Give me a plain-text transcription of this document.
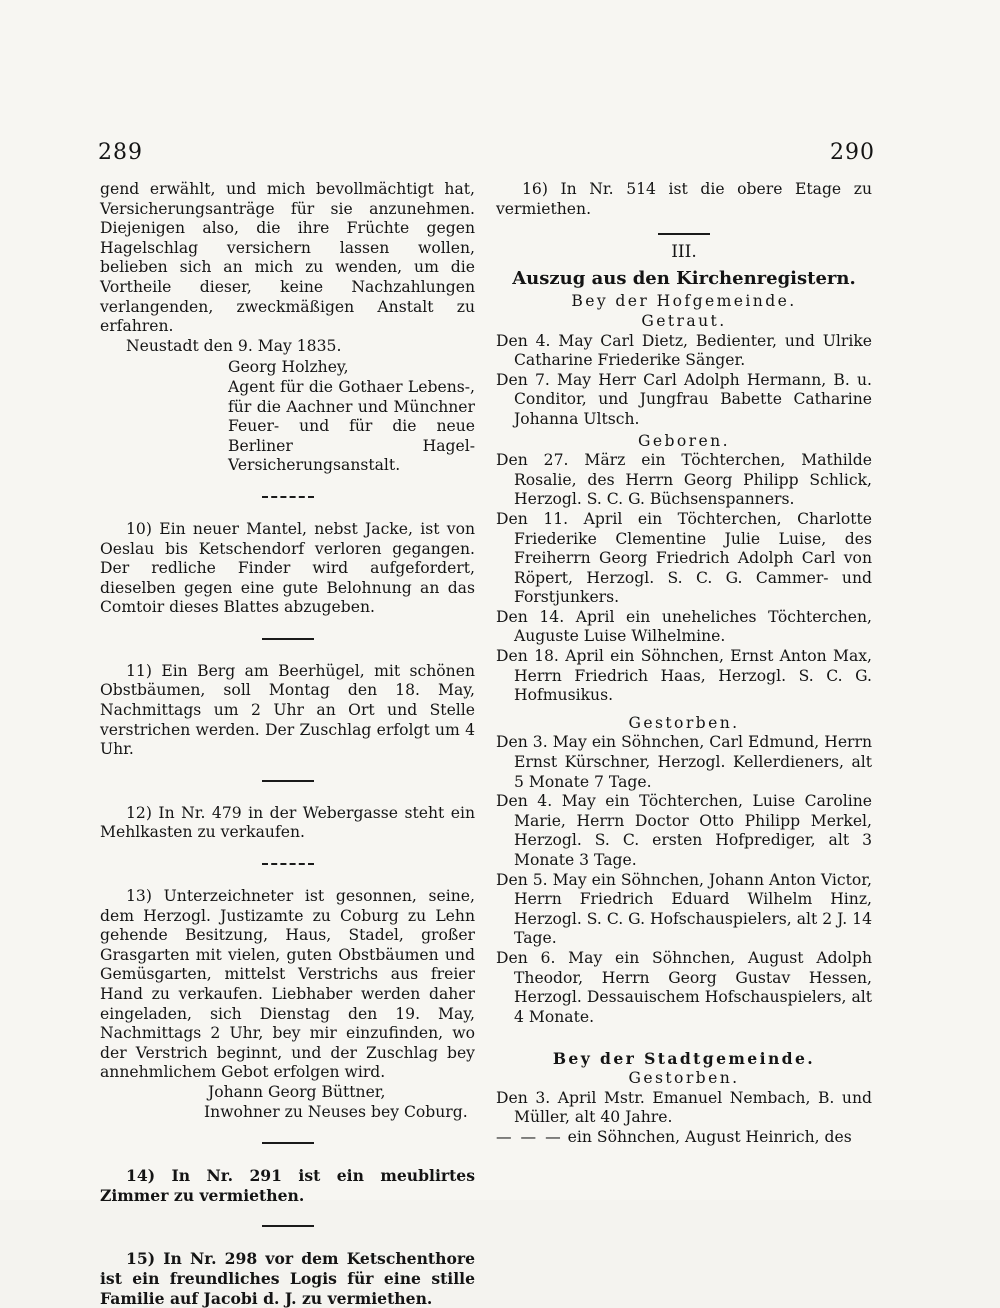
289	290

gend erwählt, und mich bevollmächtigt hat, Versicherungsanträge für sie anzunehmen. Diejenigen also, die ihre Früchte gegen Hagelschlag versichern lassen wollen, belieben sich an mich zu wenden, um die Vortheile dieser, keine Nachzahlungen verlangenden, zweckmäßigen Anstalt zu erfahren.

Neustadt den 9. May 1835.

Georg Holzhey,

Agent für die Gothaer Lebens-, für die Aachner und Münchner Feuer- und für die neue Berliner Hagel-Versicherungsanstalt.

10) Ein neuer Mantel, nebst Jacke, ist von Oeslau bis Ketschendorf verloren gegangen. Der redliche Finder wird aufgefordert, dieselben gegen eine gute Belohnung an das Comtoir dieses Blattes abzugeben.

11) Ein Berg am Beerhügel, mit schönen Obstbäumen, soll Montag den 18. May, Nachmittags um 2 Uhr an Ort und Stelle verstrichen werden. Der Zuschlag erfolgt um 4 Uhr.

12) In Nr. 479 in der Webergasse steht ein Mehlkasten zu verkaufen.

13) Unterzeichneter ist gesonnen, seine, dem Herzogl. Justizamte zu Coburg zu Lehn gehende Besitzung, Haus, Stadel, großer Grasgarten mit vielen, guten Obstbäumen und Gemüsgarten, mittelst Verstrichs aus freier Hand zu verkaufen. Liebhaber werden daher eingeladen, sich Dienstag den 19. May, Nachmittags 2 Uhr, bey mir einzufinden, wo der Verstrich beginnt, und der Zuschlag bey annehmlichem Gebot erfolgen wird.

Johann Georg Büttner,

Inwohner zu Neuses bey Coburg.

14) In Nr. 291 ist ein meublirtes Zimmer zu vermiethen.

15) In Nr. 298 vor dem Ketschenthore ist ein freundliches Logis für eine stille Familie auf Jacobi d. J. zu vermiethen.

16) In Nr. 514 ist die obere Etage zu vermiethen.

III.

Auszug aus den Kirchenregistern.

Bey der Hofgemeinde.

Getraut.

Den 4. May Carl Dietz, Bedienter, und Ulrike Catharine Friederike Sänger.

Den 7. May Herr Carl Adolph Hermann, B. u. Conditor, und Jungfrau Babette Catharine Johanna Ultsch.

Geboren.

Den 27. März ein Töchterchen, Mathilde Rosalie, des Herrn Georg Philipp Schlick, Herzogl. S. C. G. Büchsenspanners.

Den 11. April ein Töchterchen, Charlotte Friederike Clementine Julie Luise, des Freiherrn Georg Friedrich Adolph Carl von Röpert, Herzogl. S. C. G. Cammer- und Forstjunkers.

Den 14. April ein uneheliches Töchterchen, Auguste Luise Wilhelmine.

Den 18. April ein Söhnchen, Ernst Anton Max, Herrn Friedrich Haas, Herzogl. S. C. G. Hofmusikus.

Gestorben.

Den 3. May ein Söhnchen, Carl Edmund, Herrn Ernst Kürschner, Herzogl. Kellerdieners, alt 5 Monate 7 Tage.

Den 4. May ein Töchterchen, Luise Caroline Marie, Herrn Doctor Otto Philipp Merkel, Herzogl. S. C. ersten Hofprediger, alt 3 Monate 3 Tage.

Den 5. May ein Söhnchen, Johann Anton Victor, Herrn Friedrich Eduard Wilhelm Hinz, Herzogl. S. C. G. Hofschauspielers, alt 2 J. 14 Tage.

Den 6. May ein Söhnchen, August Adolph Theodor, Herrn Georg Gustav Hessen, Herzogl. Dessauischem Hofschauspielers, alt 4 Monate.

Bey der Stadtgemeinde.

Gestorben.

Den 3. April Mstr. Emanuel Nembach, B. und Müller, alt 40 Jahre.

— — — ein Söhnchen, August Heinrich, des
